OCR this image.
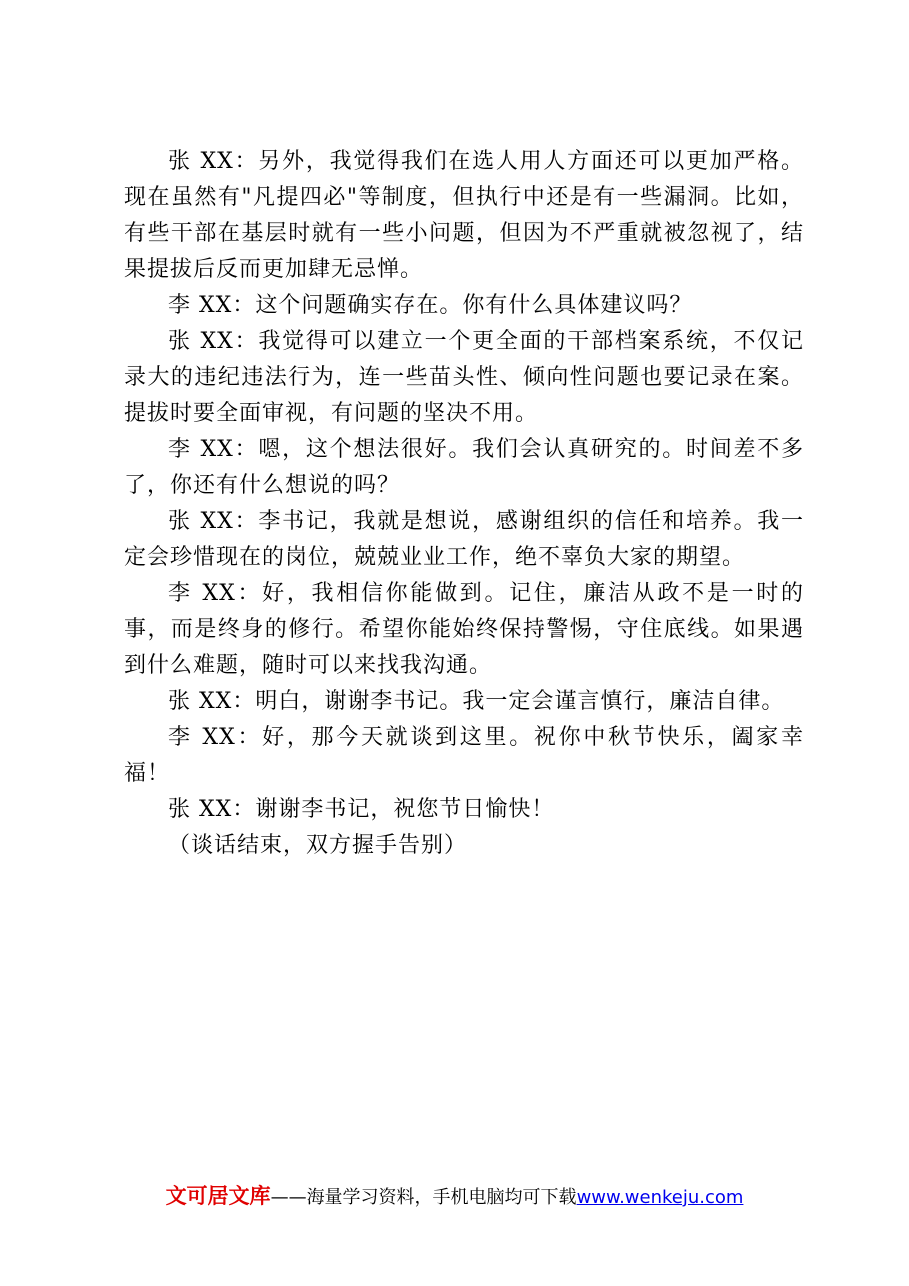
张 XX：另外，我觉得我们在选人用人方面还可以更加严格。现在虽然有"凡提四必"等制度，但执行中还是有一些漏洞。比如，有些干部在基层时就有一些小问题，但因为不严重就被忽视了，结果提拔后反而更加肆无忌惮。

李 XX：这个问题确实存在。你有什么具体建议吗？

张 XX：我觉得可以建立一个更全面的干部档案系统，不仅记录大的违纪违法行为，连一些苗头性、倾向性问题也要记录在案。提拔时要全面审视，有问题的坚决不用。

李 XX：嗯，这个想法很好。我们会认真研究的。时间差不多了，你还有什么想说的吗？

张 XX：李书记，我就是想说，感谢组织的信任和培养。我一定会珍惜现在的岗位，兢兢业业工作，绝不辜负大家的期望。

李 XX：好，我相信你能做到。记住，廉洁从政不是一时的事，而是终身的修行。希望你能始终保持警惕，守住底线。如果遇到什么难题，随时可以来找我沟通。

张 XX：明白，谢谢李书记。我一定会谨言慎行，廉洁自律。

李 XX：好，那今天就谈到这里。祝你中秋节快乐，阖家幸福！

张 XX：谢谢李书记，祝您节日愉快！

（谈话结束，双方握手告别）

文可居文库——海量学习资料，手机电脑均可下载www.wenkeju.com
